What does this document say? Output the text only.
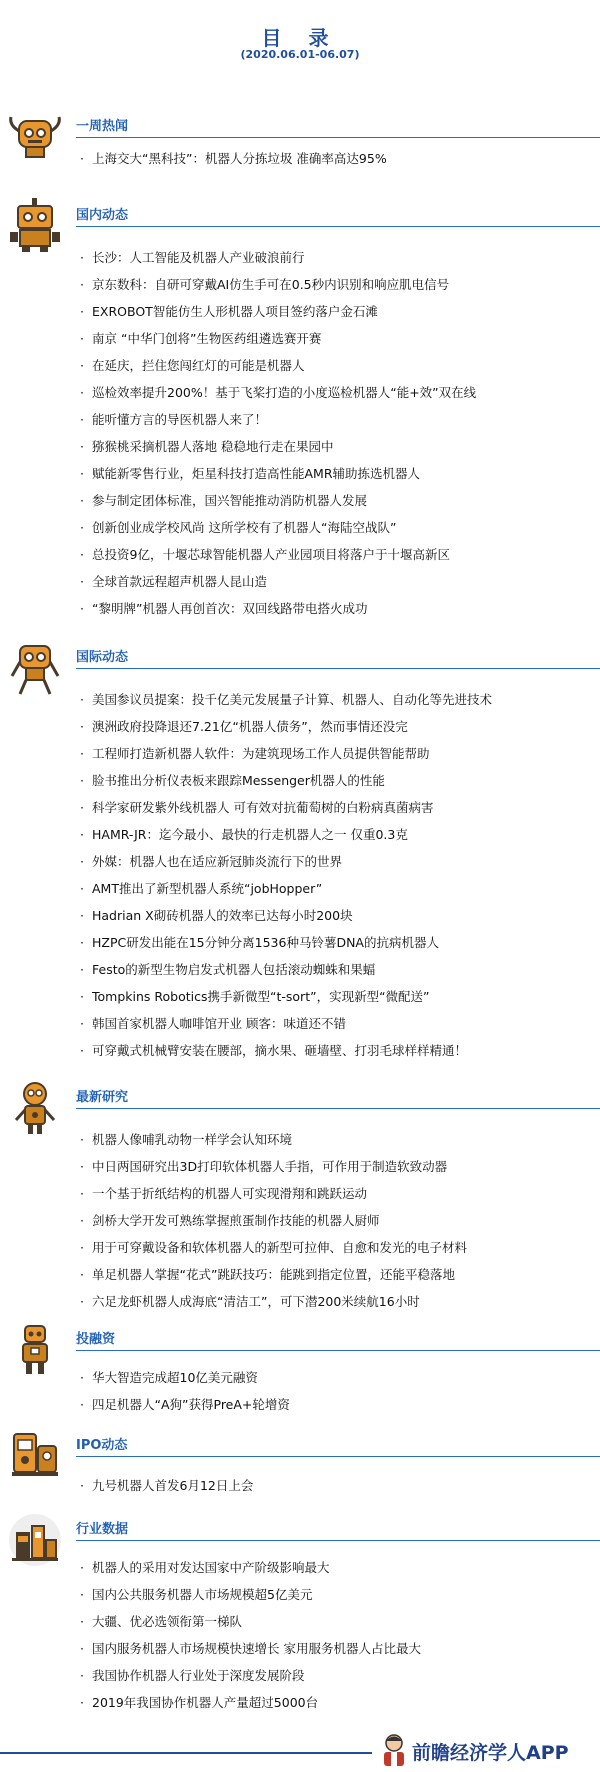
目 录
(2020.06.01-06.07)
一周热闻
· 上海交大“黑科技”：机器人分拣垃圾 准确率高达95%
国内动态
· 长沙：人工智能及机器人产业破浪前行
· 京东数科：自研可穿戴AI仿生手可在0.5秒内识别和响应肌电信号
· EXROBOT智能仿生人形机器人项目签约落户金石滩
· 南京 “中华门创将”生物医药组遴选赛开赛
· 在延庆，拦住您闯红灯的可能是机器人
· 巡检效率提升200%！基于飞桨打造的小度巡检机器人“能+效”双在线
· 能听懂方言的导医机器人来了！
· 猕猴桃采摘机器人落地 稳稳地行走在果园中
· 赋能新零售行业，炬星科技打造高性能AMR辅助拣选机器人
· 参与制定团体标准，国兴智能推动消防机器人发展
· 创新创业成学校风尚 这所学校有了机器人“海陆空战队”
· 总投资9亿，十堰芯球智能机器人产业园项目将落户于十堰高新区
· 全球首款远程超声机器人昆山造
· “黎明牌”机器人再创首次：双回线路带电搭火成功
国际动态
· 美国参议员提案：投千亿美元发展量子计算、机器人、自动化等先进技术
· 澳洲政府投降退还7.21亿“机器人债务”，然而事情还没完
· 工程师打造新机器人软件：为建筑现场工作人员提供智能帮助
· 脸书推出分析仪表板来跟踪Messenger机器人的性能
· 科学家研发紫外线机器人 可有效对抗葡萄树的白粉病真菌病害
· HAMR-JR：迄今最小、最快的行走机器人之一 仅重0.3克
· 外媒：机器人也在适应新冠肺炎流行下的世界
· AMT推出了新型机器人系统“jobHopper”
· Hadrian X砌砖机器人的效率已达每小时200块
· HZPC研发出能在15分钟分离1536种马铃薯DNA的抗病机器人
· Festo的新型生物启发式机器人包括滚动蜘蛛和果蝠
· Tompkins Robotics携手新微型“t-sort”，实现新型“微配送”
· 韩国首家机器人咖啡馆开业 顾客：味道还不错
· 可穿戴式机械臂安装在腰部，摘水果、砸墙壁、打羽毛球样样精通！
最新研究
· 机器人像哺乳动物一样学会认知环境
· 中日两国研究出3D打印软体机器人手指，可作用于制造软致动器
· 一个基于折纸结构的机器人可实现滑翔和跳跃运动
· 剑桥大学开发可熟练掌握煎蛋制作技能的机器人厨师
· 用于可穿戴设备和软体机器人的新型可拉伸、自愈和发光的电子材料
· 单足机器人掌握“花式”跳跃技巧：能跳到指定位置，还能平稳落地
· 六足龙虾机器人成海底“清洁工”，可下潜200米续航16小时
投融资
· 华大智造完成超10亿美元融资
· 四足机器人“A狗”获得PreA+轮增资
IPO动态
· 九号机器人首发6月12日上会
行业数据
· 机器人的采用对发达国家中产阶级影响最大
· 国内公共服务机器人市场规模超5亿美元
· 大疆、优必选领衔第一梯队
· 国内服务机器人市场规模快速增长 家用服务机器人占比最大
· 我国协作机器人行业处于深度发展阶段
· 2019年我国协作机器人产量超过5000台
前瞻经济学人APP
